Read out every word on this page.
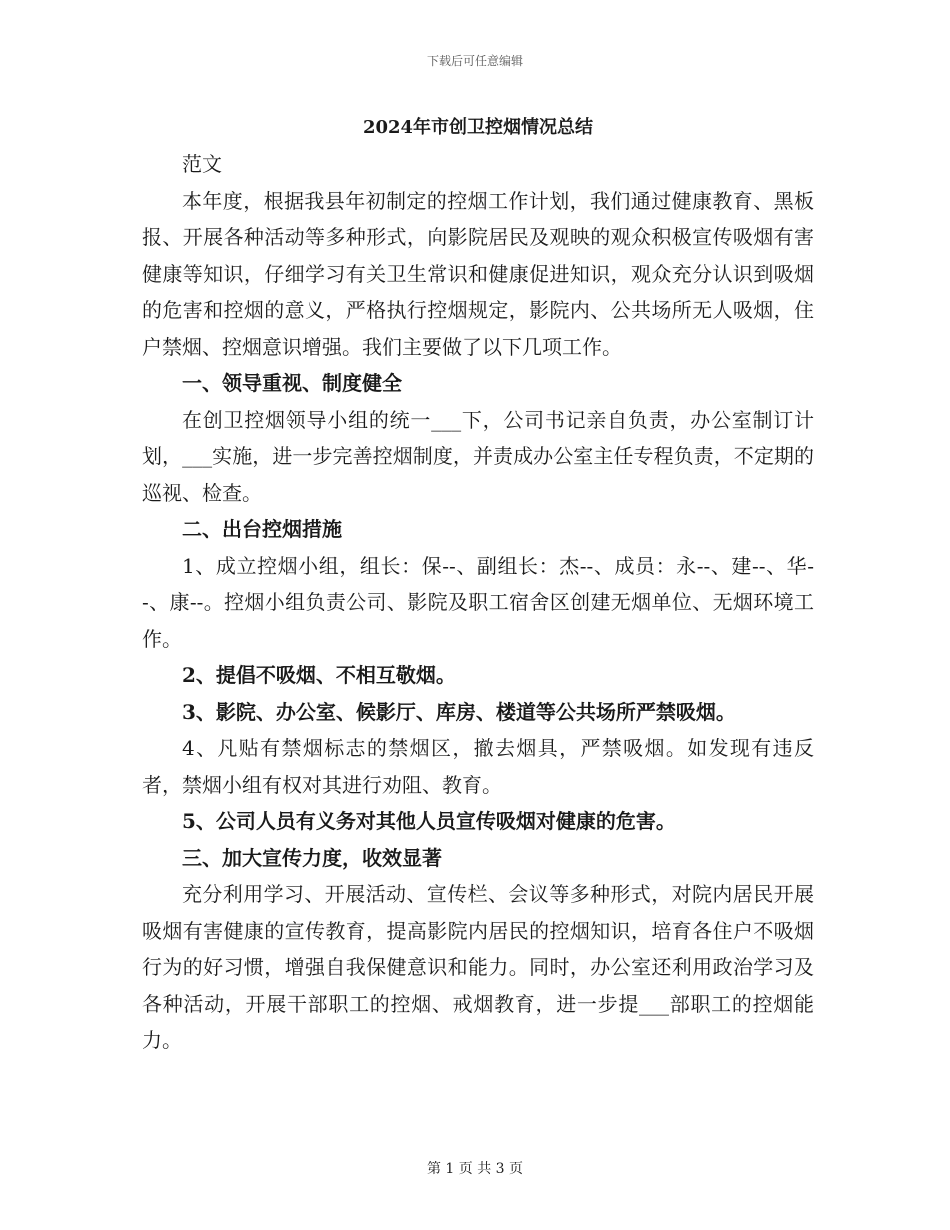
下载后可任意编辑
2024年市创卫控烟情况总结

范文

本年度，根据我县年初制定的控烟工作计划，我们通过健康教育、黑板报、开展各种活动等多种形式，向影院居民及观映的观众积极宣传吸烟有害健康等知识，仔细学习有关卫生常识和健康促进知识，观众充分认识到吸烟的危害和控烟的意义，严格执行控烟规定，影院内、公共场所无人吸烟，住户禁烟、控烟意识增强。我们主要做了以下几项工作。

一、领导重视、制度健全

在创卫控烟领导小组的统一___下，公司书记亲自负责，办公室制订计划，___实施，进一步完善控烟制度，并责成办公室主任专程负责，不定期的巡视、检查。

二、出台控烟措施

1、成立控烟小组，组长：保--、副组长：杰--、成员：永--、建--、华--、康--。控烟小组负责公司、影院及职工宿舍区创建无烟单位、无烟环境工作。

2、提倡不吸烟、不相互敬烟。

3、影院、办公室、候影厅、库房、楼道等公共场所严禁吸烟。

4、凡贴有禁烟标志的禁烟区，撤去烟具，严禁吸烟。如发现有违反者，禁烟小组有权对其进行劝阻、教育。

5、公司人员有义务对其他人员宣传吸烟对健康的危害。

三、加大宣传力度，收效显著

充分利用学习、开展活动、宣传栏、会议等多种形式，对院内居民开展吸烟有害健康的宣传教育，提高影院内居民的控烟知识，培育各住户不吸烟行为的好习惯，增强自我保健意识和能力。同时，办公室还利用政治学习及各种活动，开展干部职工的控烟、戒烟教育，进一步提___部职工的控烟能力。

第 1 页 共 3 页
